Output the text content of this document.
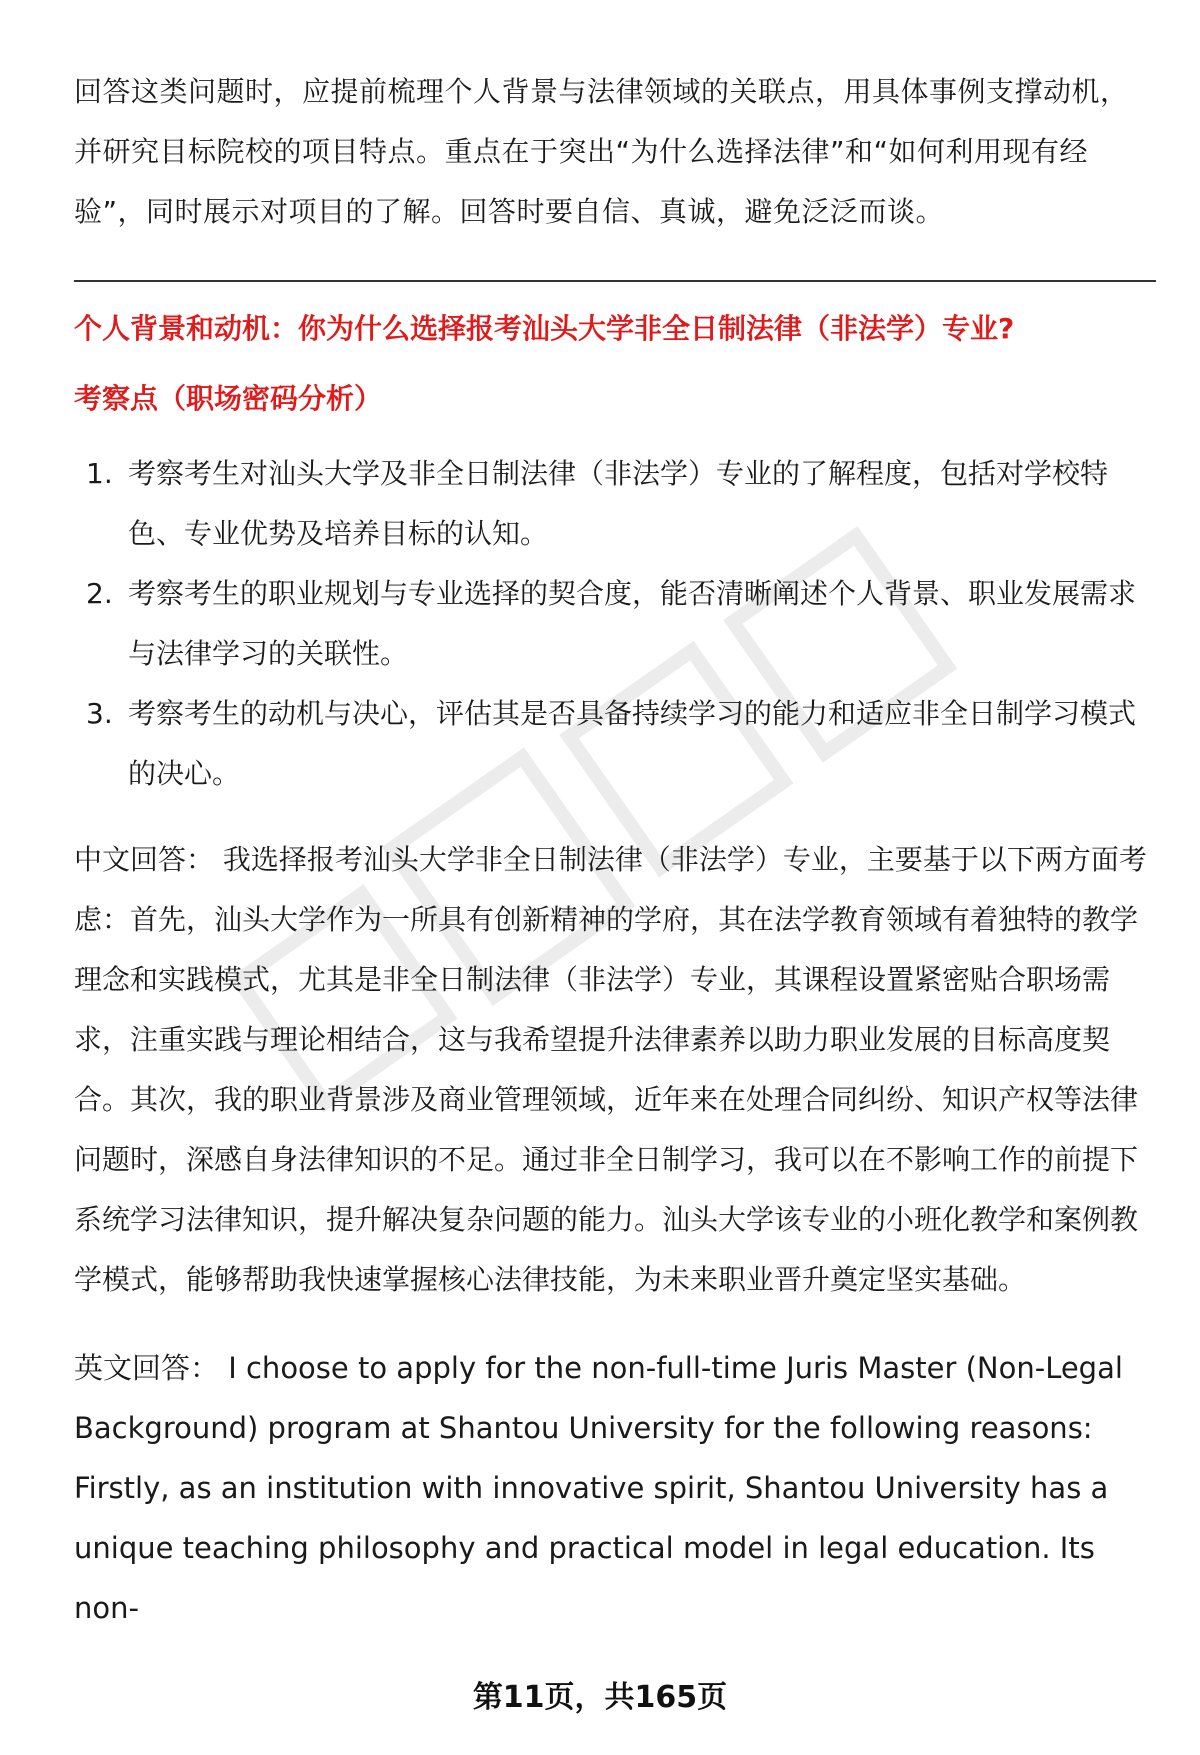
回答这类问题时，应提前梳理个人背景与法律领域的关联点，用具体事例支撑动机，并研究目标院校的项目特点。重点在于突出“为什么选择法律”和“如何利用现有经验”，同时展示对项目的了解。回答时要自信、真诚，避免泛泛而谈。

个人背景和动机：你为什么选择报考汕头大学非全日制法律（非法学）专业?

考察点（职场密码分析）

1. 考察考生对汕头大学及非全日制法律（非法学）专业的了解程度，包括对学校特色、专业优势及培养目标的认知。
2. 考察考生的职业规划与专业选择的契合度，能否清晰阐述个人背景、职业发展需求与法律学习的关联性。
3. 考察考生的动机与决心，评估其是否具备持续学习的能力和适应非全日制学习模式的决心。
中文回答： 我选择报考汕头大学非全日制法律（非法学）专业，主要基于以下两方面考虑：首先，汕头大学作为一所具有创新精神的学府，其在法学教育领域有着独特的教学理念和实践模式，尤其是非全日制法律（非法学）专业，其课程设置紧密贴合职场需求，注重实践与理论相结合，这与我希望提升法律素养以助力职业发展的目标高度契合。其次，我的职业背景涉及商业管理领域，近年来在处理合同纠纷、知识产权等法律问题时，深感自身法律知识的不足。通过非全日制学习，我可以在不影响工作的前提下系统学习法律知识，提升解决复杂问题的能力。汕头大学该专业的小班化教学和案例教学模式，能够帮助我快速掌握核心法律技能，为未来职业晋升奠定坚实基础。
英文回答： I choose to apply for the non-full-time Juris Master (Non-Legal Background) program at Shantou University for the following reasons: Firstly, as an institution with innovative spirit, Shantou University has a unique teaching philosophy and practical model in legal education. Its non-
第11页，共165页
